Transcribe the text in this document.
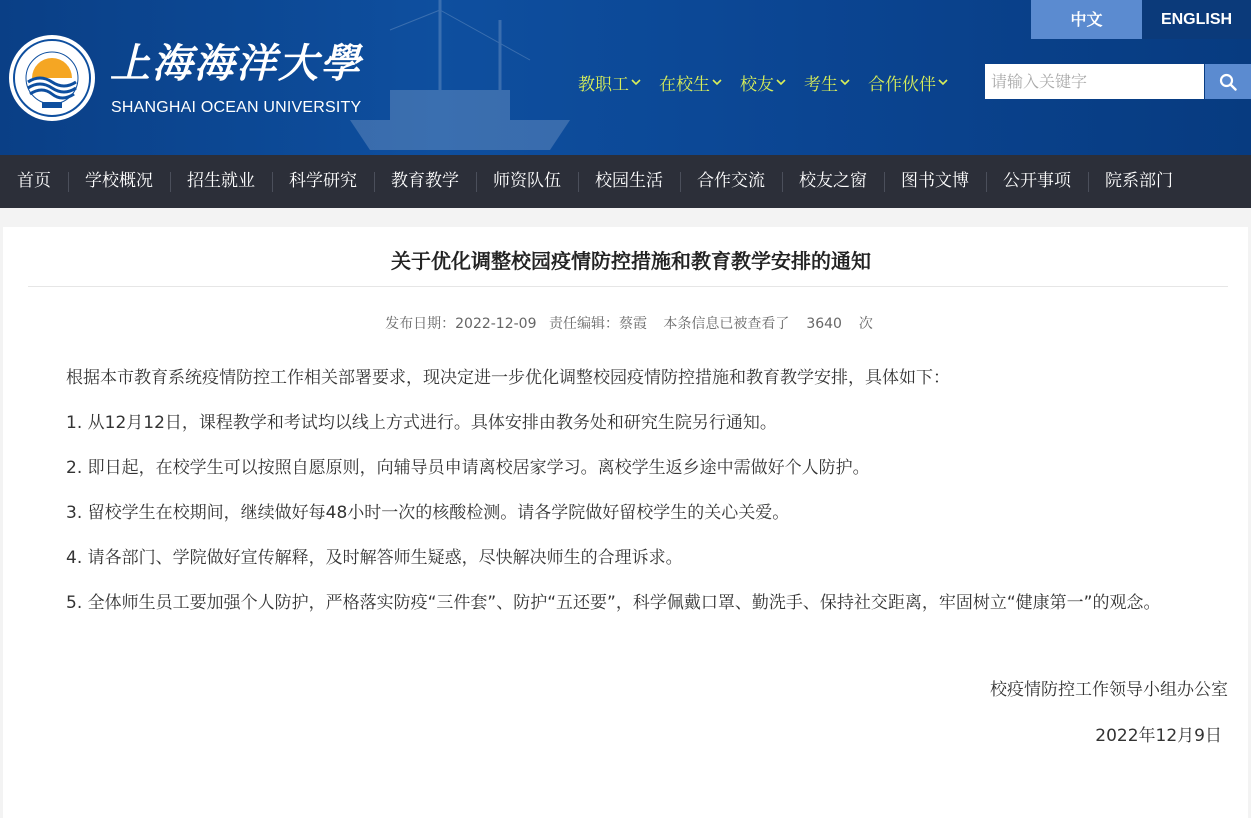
上海海洋大學
SHANGHAI OCEAN UNIVERSITY
中文	ENGLISH
教职工 在校生 校友 考生 合作伙伴
请输入关键字
首页	学校概况	招生就业	科学研究	教育教学	师资队伍	校园生活	合作交流	校友之窗	图书文博	公开事项	院系部门
关于优化调整校园疫情防控措施和教育教学安排的通知
发布日期：2022-12-09 责任编辑：蔡霞 本条信息已被查看了 3640 次

根据本市教育系统疫情防控工作相关部署要求，现决定进一步优化调整校园疫情防控措施和教育教学安排，具体如下：

1. 从12月12日，课程教学和考试均以线上方式进行。具体安排由教务处和研究生院另行通知。

2. 即日起，在校学生可以按照自愿原则，向辅导员申请离校居家学习。离校学生返乡途中需做好个人防护。

3. 留校学生在校期间，继续做好每48小时一次的核酸检测。请各学院做好留校学生的关心关爱。

4. 请各部门、学院做好宣传解释，及时解答师生疑惑，尽快解决师生的合理诉求。

5. 全体师生员工要加强个人防护，严格落实防疫“三件套”、防护“五还要”，科学佩戴口罩、勤洗手、保持社交距离，牢固树立“健康第一”的观念。

校疫情防控工作领导小组办公室
2022年12月9日
